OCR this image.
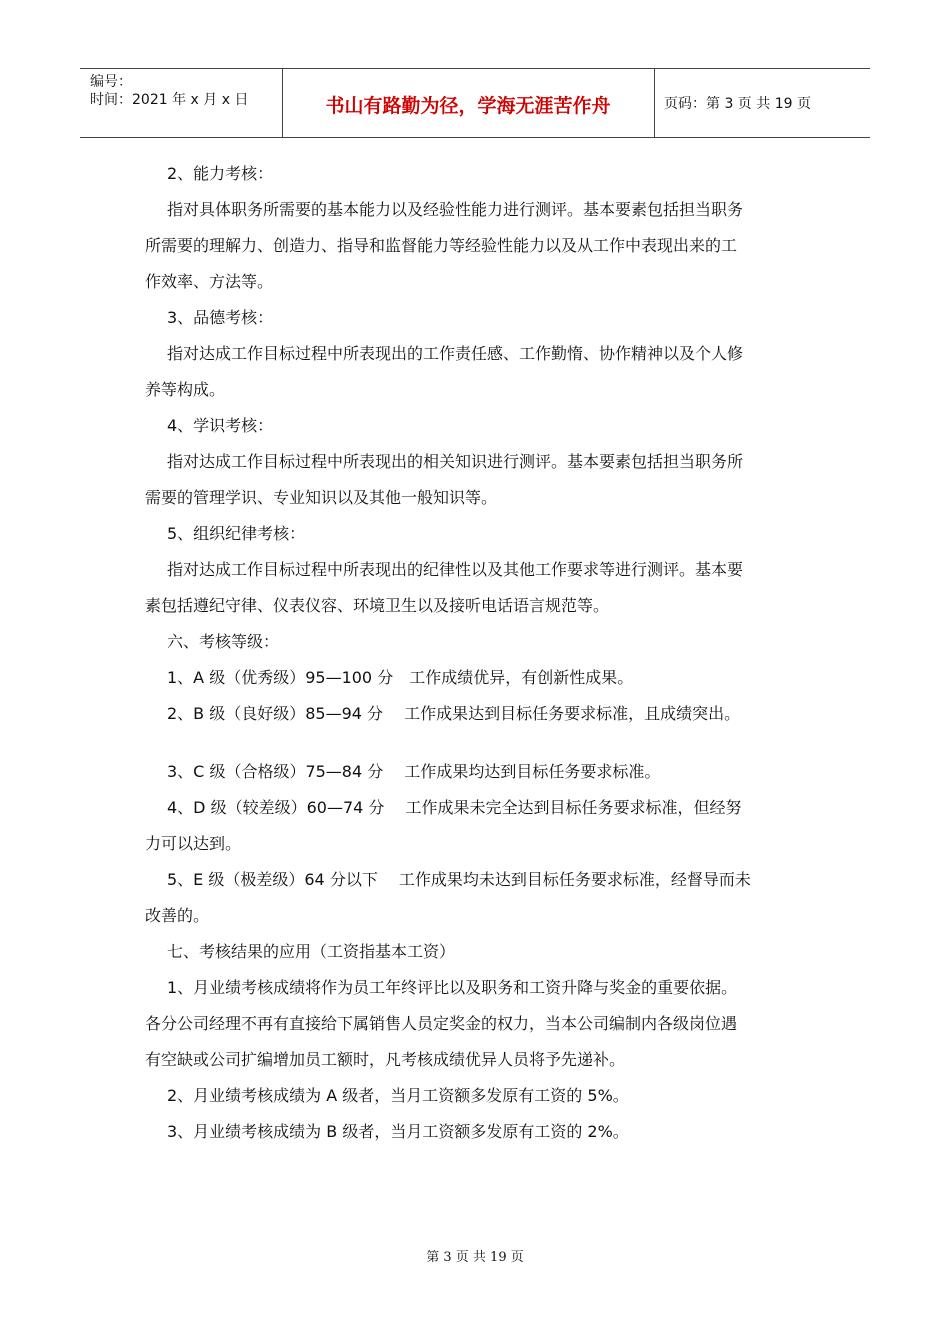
编号：
时间：2021 年 x 月 x 日	书山有路勤为径，学海无涯苦作舟	页码：第 3 页 共 19 页

2、能力考核：

指对具体职务所需要的基本能力以及经验性能力进行测评。基本要素包括担当职务

所需要的理解力、创造力、指导和监督能力等经验性能力以及从工作中表现出来的工

作效率、方法等。

3、品德考核：

指对达成工作目标过程中所表现出的工作责任感、工作勤惰、协作精神以及个人修

养等构成。

4、学识考核：

指对达成工作目标过程中所表现出的相关知识进行测评。基本要素包括担当职务所

需要的管理学识、专业知识以及其他一般知识等。

5、组织纪律考核：

指对达成工作目标过程中所表现出的纪律性以及其他工作要求等进行测评。基本要

素包括遵纪守律、仪表仪容、环境卫生以及接听电话语言规范等。

六、考核等级：

1、A 级（优秀级）95—100 分　工作成绩优异，有创新性成果。

2、B 级（良好级）85—94 分　 工作成果达到目标任务要求标准，且成绩突出。

3、C 级（合格级）75—84 分　 工作成果均达到目标任务要求标准。

4、D 级（较差级）60—74 分　 工作成果未完全达到目标任务要求标准，但经努

力可以达到。

5、E 级（极差级）64 分以下　 工作成果均未达到目标任务要求标准，经督导而未

改善的。

七、考核结果的应用（工资指基本工资）

1、月业绩考核成绩将作为员工年终评比以及职务和工资升降与奖金的重要依据。

各分公司经理不再有直接给下属销售人员定奖金的权力，当本公司编制内各级岗位遇

有空缺或公司扩编增加员工额时，凡考核成绩优异人员将予先递补。

2、月业绩考核成绩为 A 级者，当月工资额多发原有工资的 5%。

3、月业绩考核成绩为 B 级者，当月工资额多发原有工资的 2%。

第 3 页 共 19 页
